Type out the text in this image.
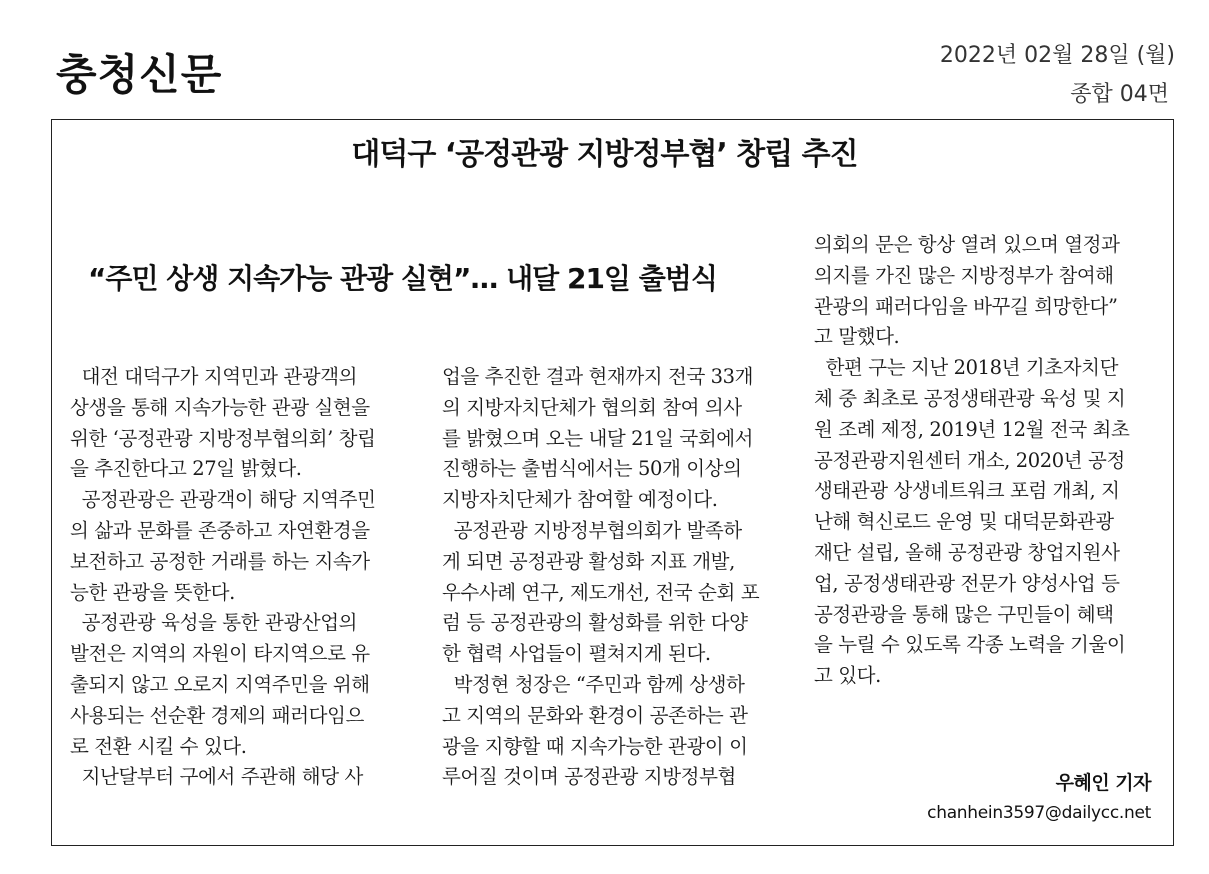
충청신문	2022년 02월 28일 (월)
종합 04면
대덕구 ‘공정관광 지방정부협’ 창립 추진
“주민 상생 지속가능 관광 실현”… 내달 21일 출범식
대전 대덕구가 지역민과 관광객의
상생을 통해 지속가능한 관광 실현을
위한 ‘공정관광 지방정부협의회’ 창립
을 추진한다고 27일 밝혔다.
공정관광은 관광객이 해당 지역주민
의 삶과 문화를 존중하고 자연환경을
보전하고 공정한 거래를 하는 지속가
능한 관광을 뜻한다.
공정관광 육성을 통한 관광산업의
발전은 지역의 자원이 타지역으로 유
출되지 않고 오로지 지역주민을 위해
사용되는 선순환 경제의 패러다임으
로 전환 시킬 수 있다.
지난달부터 구에서 주관해 해당 사
업을 추진한 결과 현재까지 전국 33개
의 지방자치단체가 협의회 참여 의사
를 밝혔으며 오는 내달 21일 국회에서
진행하는 출범식에서는 50개 이상의
지방자치단체가 참여할 예정이다.
공정관광 지방정부협의회가 발족하
게 되면 공정관광 활성화 지표 개발,
우수사례 연구, 제도개선, 전국 순회 포
럼 등 공정관광의 활성화를 위한 다양
한 협력 사업들이 펼쳐지게 된다.
박정현 청장은 “주민과 함께 상생하
고 지역의 문화와 환경이 공존하는 관
광을 지향할 때 지속가능한 관광이 이
루어질 것이며 공정관광 지방정부협
의회의 문은 항상 열려 있으며 열정과
의지를 가진 많은 지방정부가 참여해
관광의 패러다임을 바꾸길 희망한다”
고 말했다.
한편 구는 지난 2018년 기초자치단
체 중 최초로 공정생태관광 육성 및 지
원 조례 제정, 2019년 12월 전국 최초
공정관광지원센터 개소, 2020년 공정
생태관광 상생네트워크 포럼 개최, 지
난해 혁신로드 운영 및 대덕문화관광
재단 설립, 올해 공정관광 창업지원사
업, 공정생태관광 전문가 양성사업 등
공정관광을 통해 많은 구민들이 혜택
을 누릴 수 있도록 각종 노력을 기울이
고 있다.
우혜인 기자
chanhein3597@dailycc.net
